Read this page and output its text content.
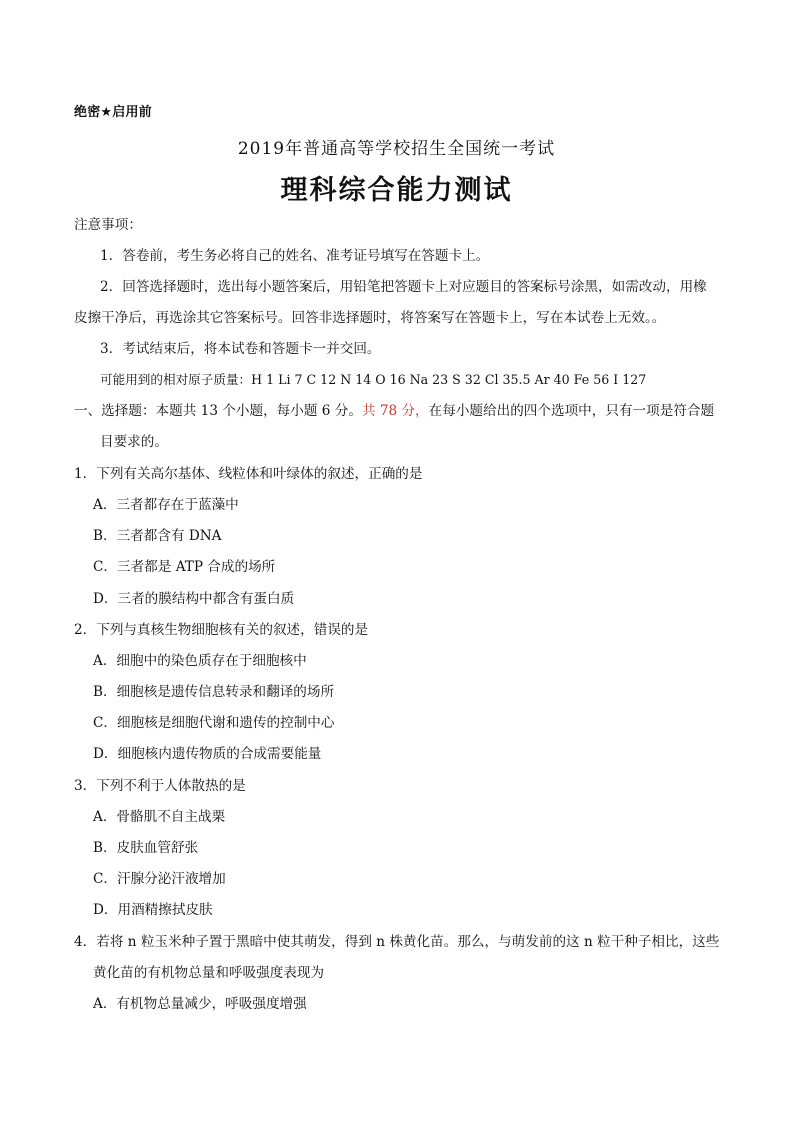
绝密★启用前
2019年普通高等学校招生全国统一考试
理科综合能力测试
注意事项：
1．答卷前，考生务必将自己的姓名、准考证号填写在答题卡上。
2．回答选择题时，选出每小题答案后，用铅笔把答题卡上对应题目的答案标号涂黑，如需改动，用橡
皮擦干净后，再选涂其它答案标号。回答非选择题时，将答案写在答题卡上，写在本试卷上无效。。
3．考试结束后，将本试卷和答题卡一并交回。
可能用到的相对原子质量：H 1 Li 7 C 12 N 14 O 16 Na 23 S 32 Cl 35.5 Ar 40 Fe 56 I 127
一、选择题：本题共 13 个小题，每小题 6 分。共 78 分，在每小题给出的四个选项中，只有一项是符合题
目要求的。
1．下列有关高尔基体、线粒体和叶绿体的叙述，正确的是
A．三者都存在于蓝藻中
B．三者都含有 DNA
C．三者都是 ATP 合成的场所
D．三者的膜结构中都含有蛋白质
2．下列与真核生物细胞核有关的叙述，错误的是
A．细胞中的染色质存在于细胞核中
B．细胞核是遗传信息转录和翻译的场所
C．细胞核是细胞代谢和遗传的控制中心
D．细胞核内遗传物质的合成需要能量
3．下列不利于人体散热的是
A．骨骼肌不自主战栗
B．皮肤血管舒张
C．汗腺分泌汗液增加
D．用酒精擦拭皮肤
4．若将 n 粒玉米种子置于黑暗中使其萌发，得到 n 株黄化苗。那么，与萌发前的这 n 粒干种子相比，这些
黄化苗的有机物总量和呼吸强度表现为
A．有机物总量减少，呼吸强度增强
